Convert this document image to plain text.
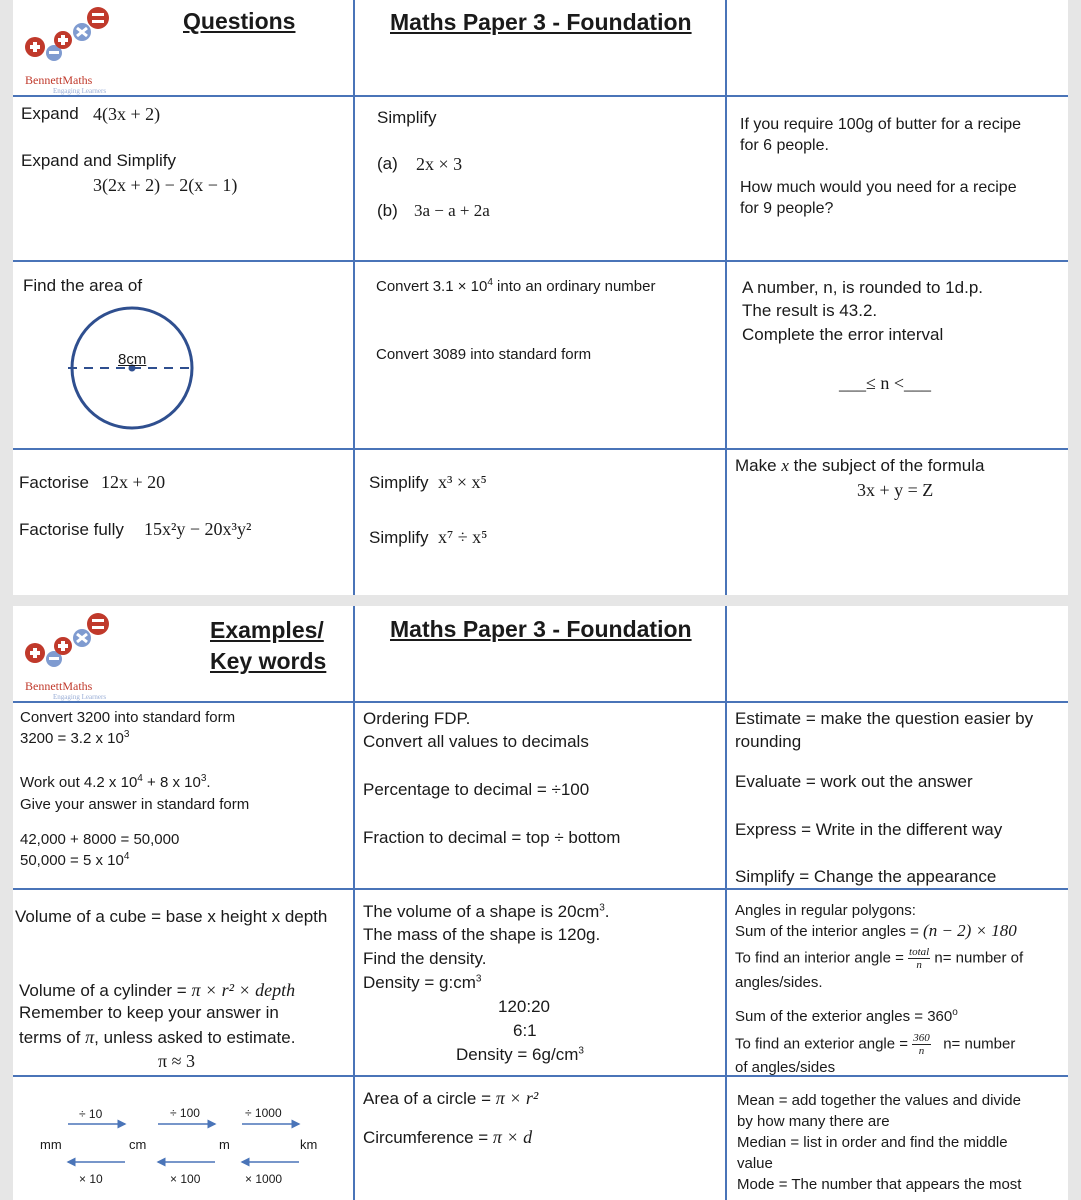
BennettMaths
Engaging Learners
Questions	Maths Paper 3 - Foundation
Expand 4(3x + 2)
Expand and Simplify
3(2x + 2) − 2(x − 1)
Simplify
(a) 2x × 3
(b) 3a − a + 2a
If you require 100g of butter for a recipe
for 6 people.
How much would you need for a recipe
for 9 people?
Find the area of
8cm
Convert $3.1 \times 10^4$ into an ordinary number
Convert 3089 into standard form
A number, n, is rounded to 1d.p.
The result is 43.2.
Complete the error interval
___≤ n <___
Factorise 12x + 20
Factorise fully 15x²y − 20x³y²
Simplify x³ × x⁵
Simplify x⁷ ÷ x⁵
Make x the subject of the formula
3x + y = Z
BennettMaths
Engaging Learners
Examples/
Key words
Maths Paper 3 - Foundation
Convert 3200 into standard form
3200 = 3.2 x $10^3$
Work out 4.2 x $10^4 + 8$ x $10^3$.
Give your answer in standard form
42,000 + 8000 = 50,000
50,000 = 5 x $10^4$
Ordering FDP.
Convert all values to decimals
Percentage to decimal = ÷100
Fraction to decimal = top ÷ bottom
Estimate = make the question easier by
rounding
Evaluate = work out the answer
Express = Write in the different way
Simplify = Change the appearance
Volume of a cube = base x height x depth
Volume of a cylinder = π × r² × depth
Remember to keep your answer in
terms of π, unless asked to estimate.
π ≈ 3
The volume of a shape is $20cm^3$.
The mass of the shape is 120g.
Find the density.
Density = $g:cm^3$
120:20
6:1
Density = $6g/cm^3$
Angles in regular polygons:
Sum of the interior angles = (n − 2) × 180
To find an interior angle = $\frac{\text{total}}{n} n=$ number of
angles/sides.
Sum of the exterior angles = $360^o$
To find an exterior angle = $\frac{360}{n} n=$ number
of angles/sides
mm	cm	m	km
÷ 10	÷ 100	÷ 1000
× 10	× 100	× 1000
Area of a circle = π × r²
Circumference = π × d
Mean = add together the values and divide
by how many there are
Median = list in order and find the middle
value
Mode = The number that appears the most
